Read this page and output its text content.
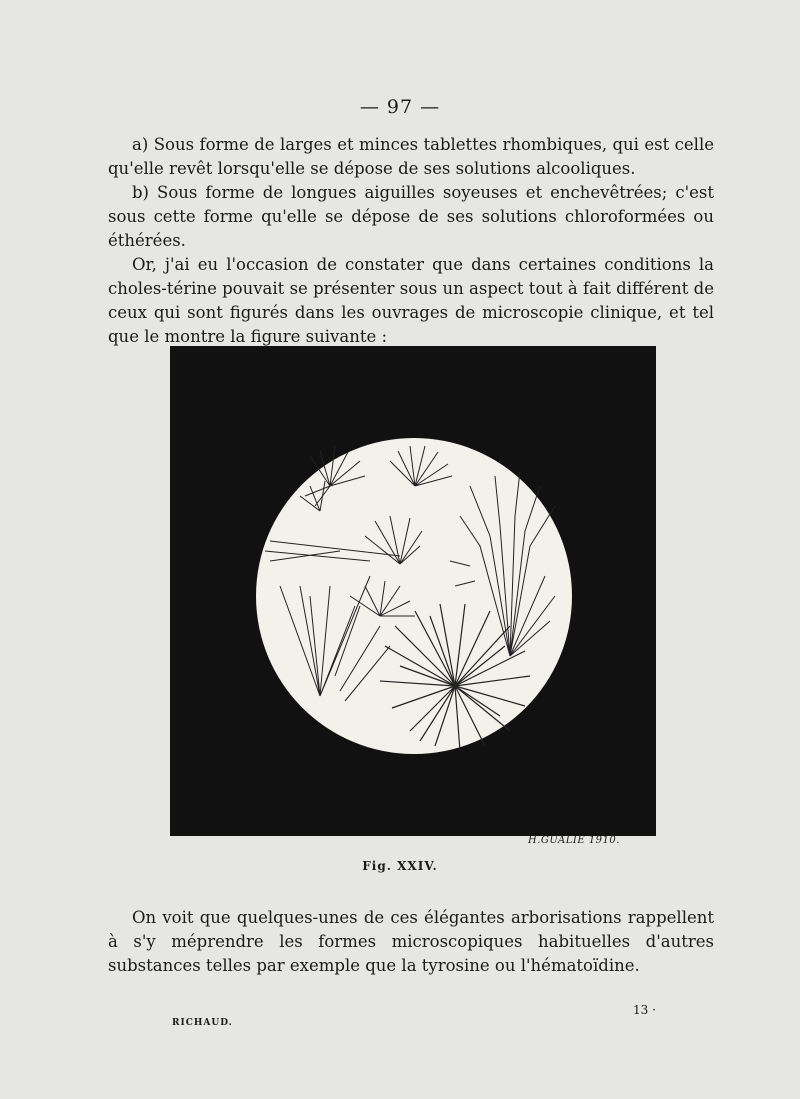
— 97 —

a) Sous forme de larges et minces tablettes rhombiques, qui est celle qu'elle revêt lorsqu'elle se dépose de ses solutions alcooliques.

b) Sous forme de longues aiguilles soyeuses et enchevêtrées; c'est sous cette forme qu'elle se dépose de ses solutions chloroformées ou éthérées.

Or, j'ai eu l'occasion de constater que dans certaines conditions la choles-térine pouvait se présenter sous un aspect tout à fait différent de ceux qui sont figurés dans les ouvrages de microscopie clinique, et tel que le montre la figure suivante :

H.GUALIE 1910.
Fig. XXIV.

On voit que quelques-unes de ces élégantes arborisations rappellent à s'y méprendre les formes microscopiques habituelles d'autres substances telles par exemple que la tyrosine ou l'hématoïdine.

RICHAUD.
13 ·
